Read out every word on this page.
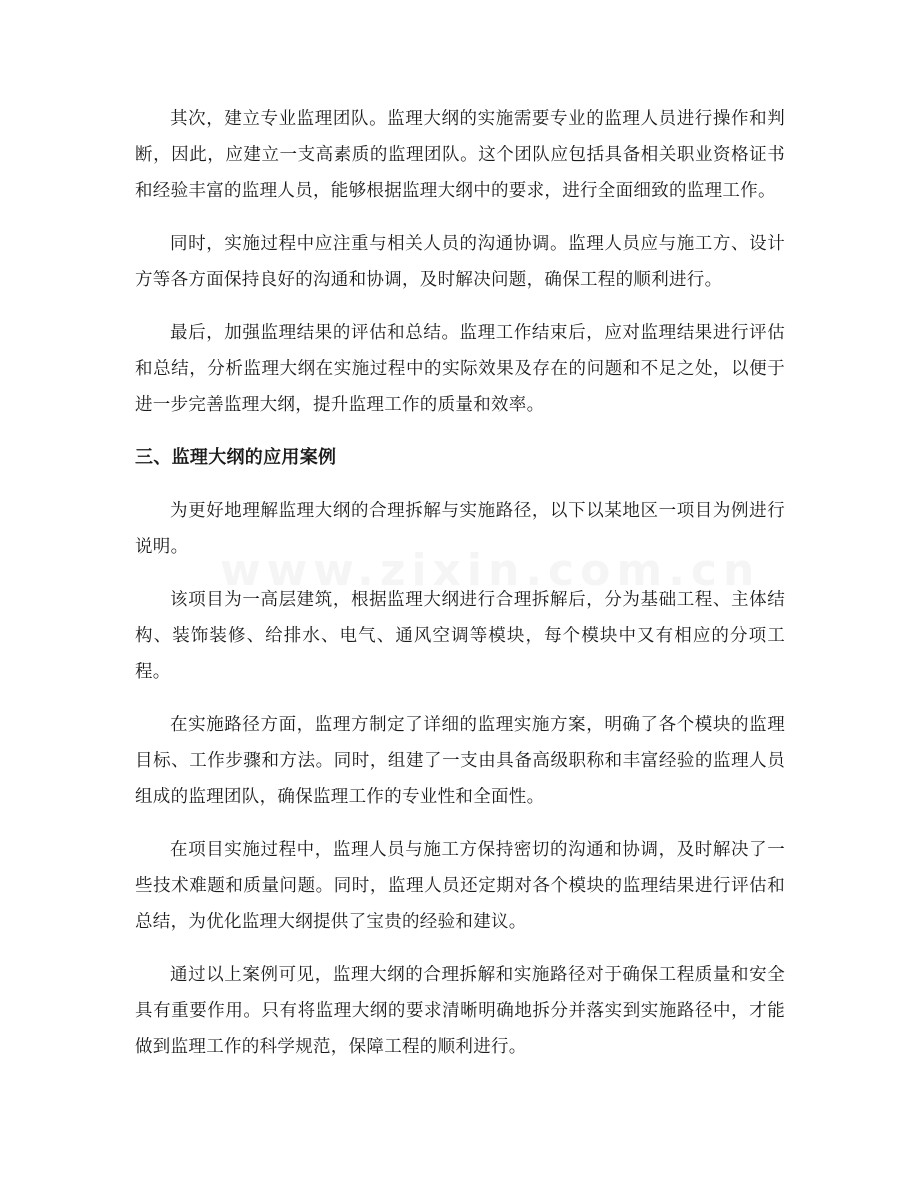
其次，建立专业监理团队。监理大纲的实施需要专业的监理人员进行操作和判断，因此，应建立一支高素质的监理团队。这个团队应包括具备相关职业资格证书和经验丰富的监理人员，能够根据监理大纲中的要求，进行全面细致的监理工作。

同时，实施过程中应注重与相关人员的沟通协调。监理人员应与施工方、设计方等各方面保持良好的沟通和协调，及时解决问题，确保工程的顺利进行。

最后，加强监理结果的评估和总结。监理工作结束后，应对监理结果进行评估和总结，分析监理大纲在实施过程中的实际效果及存在的问题和不足之处，以便于进一步完善监理大纲，提升监理工作的质量和效率。

三、监理大纲的应用案例

为更好地理解监理大纲的合理拆解与实施路径，以下以某地区一项目为例进行说明。

该项目为一高层建筑，根据监理大纲进行合理拆解后，分为基础工程、主体结构、装饰装修、给排水、电气、通风空调等模块，每个模块中又有相应的分项工程。

在实施路径方面，监理方制定了详细的监理实施方案，明确了各个模块的监理目标、工作步骤和方法。同时，组建了一支由具备高级职称和丰富经验的监理人员组成的监理团队，确保监理工作的专业性和全面性。

在项目实施过程中，监理人员与施工方保持密切的沟通和协调，及时解决了一些技术难题和质量问题。同时，监理人员还定期对各个模块的监理结果进行评估和总结，为优化监理大纲提供了宝贵的经验和建议。

通过以上案例可见，监理大纲的合理拆解和实施路径对于确保工程质量和安全具有重要作用。只有将监理大纲的要求清晰明确地拆分并落实到实施路径中，才能做到监理工作的科学规范，保障工程的顺利进行。

www.zixin.com.cn
